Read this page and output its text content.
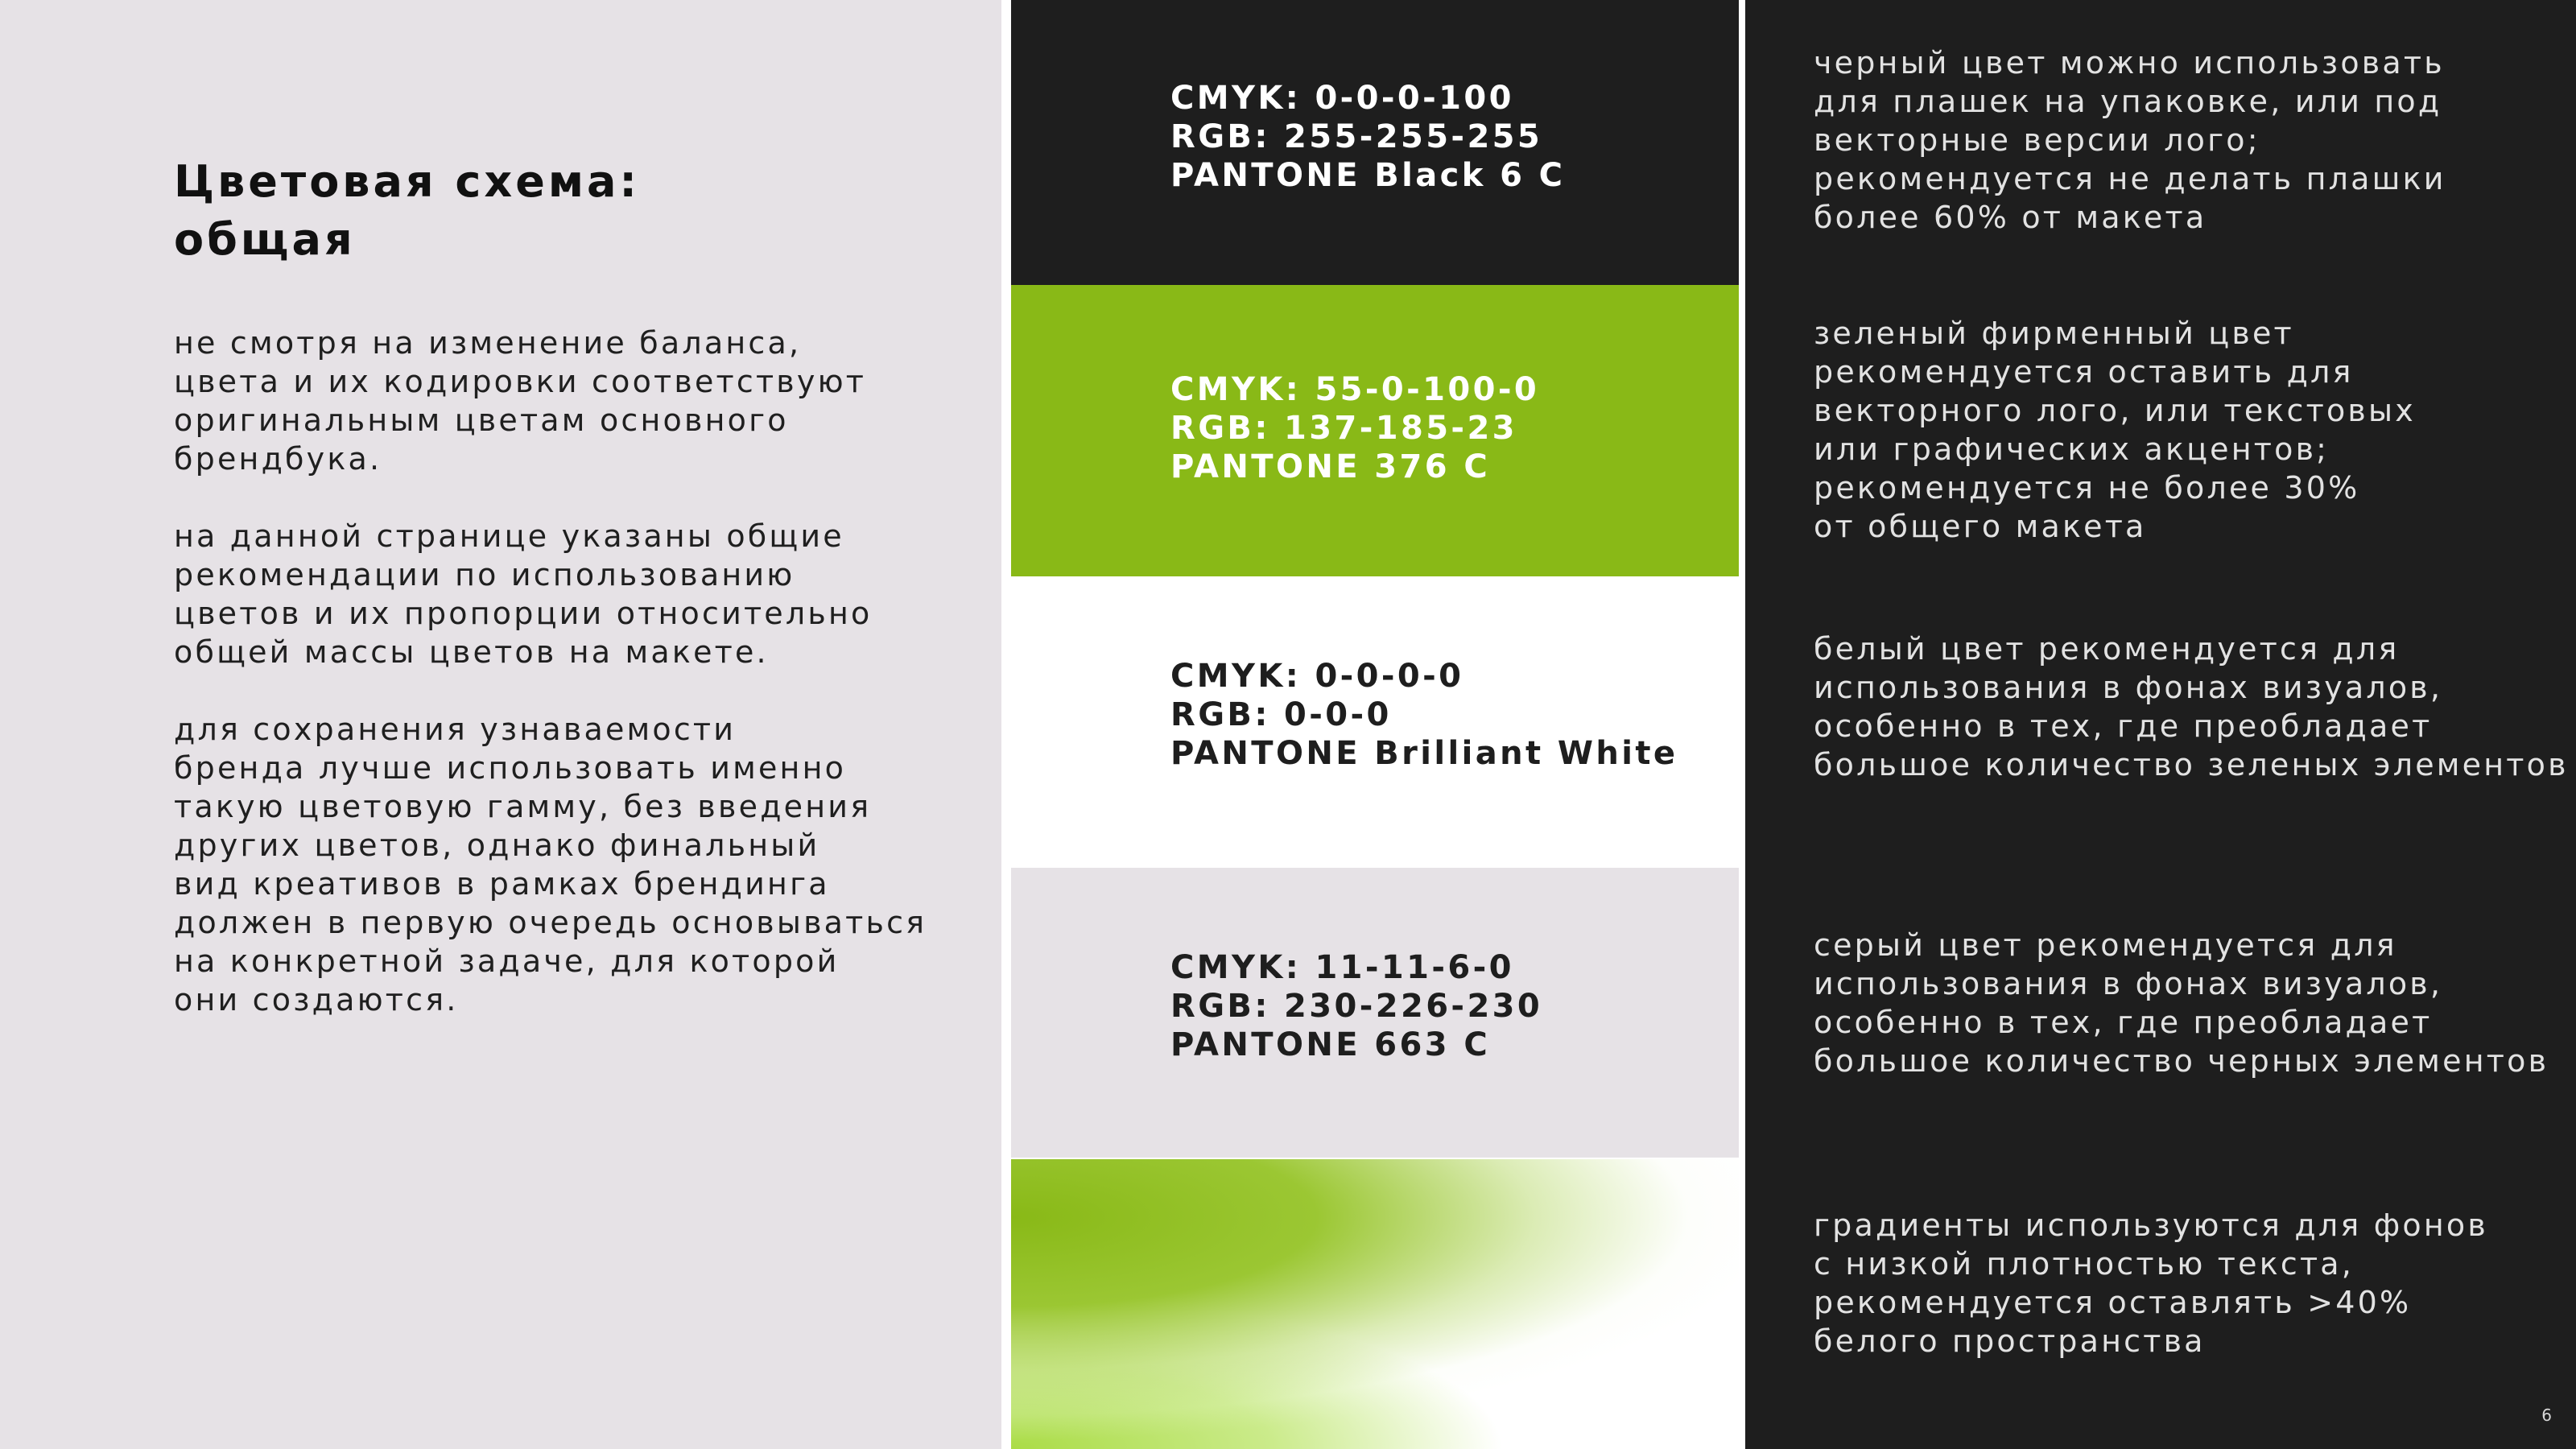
Цветовая схема:
общая

не смотря на изменение баланса,
цвета и их кодировки соответствуют
оригинальным цветам основного
брендбука.

на данной странице указаны общие
рекомендации по использованию
цветов и их пропорции относительно
общей массы цветов на макете.

для сохранения узнаваемости
бренда лучше использовать именно
такую цветовую гамму, без введения
других цветов, однако финальный
вид креативов в рамках брендинга
должен в первую очередь основываться
на конкретной задаче, для которой
они создаются.

CMYK: 0-0-0-100
RGB: 255-255-255
PANTONE Black 6 C
CMYK: 55-0-100-0
RGB: 137-185-23
PANTONE 376 C
CMYK: 0-0-0-0
RGB: 0-0-0
PANTONE Brilliant White
CMYK: 11-11-6-0
RGB: 230-226-230
PANTONE 663 C

черный цвет можно использовать
для плашек на упаковке, или под
векторные версии лого;
рекомендуется не делать плашки
более 60% от макета

зеленый фирменный цвет
рекомендуется оставить для
векторного лого, или текстовых
или графических акцентов;
рекомендуется не более 30%
от общего макета

белый цвет рекомендуется для
использования в фонах визуалов,
особенно в тех, где преобладает
большое количество зеленых элементов

серый цвет рекомендуется для
использования в фонах визуалов,
особенно в тех, где преобладает
большое количество черных элементов

градиенты используются для фонов
с низкой плотностью текста,
рекомендуется оставлять >40%
белого пространства

6
